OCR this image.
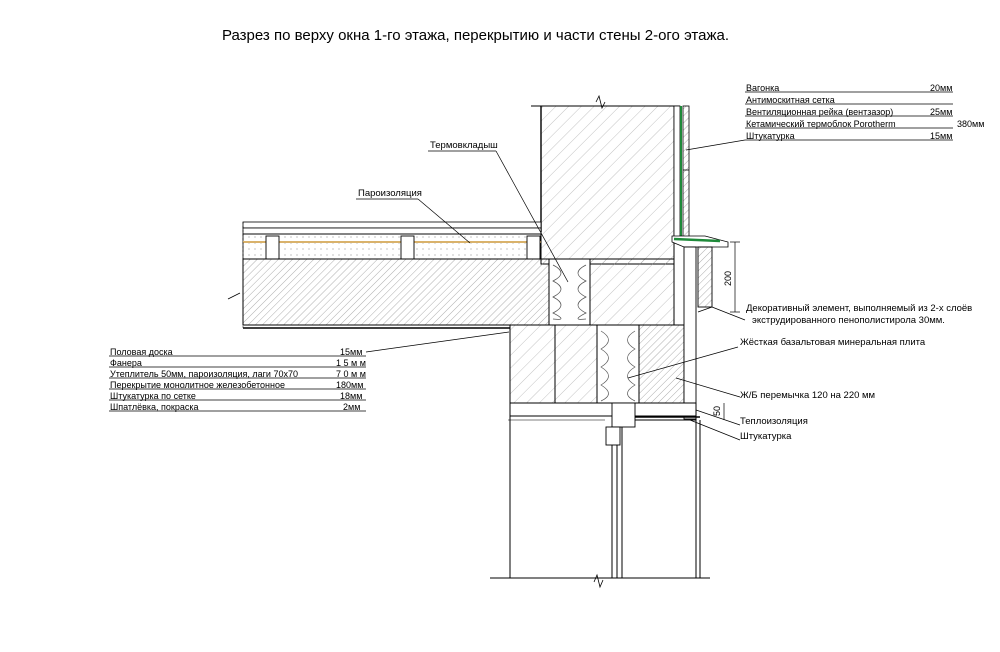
Разрез по верху окна 1-го этажа, перекрытию и части стены 2-ого этажа.
200
50
Термовкладыш
Пароизоляция
Декоративный элемент, выполняемый из 2-х слоёв
экструдированного пенополистирола 30мм.
Жёсткая базальтовая минеральная плита
Ж/Б перемычка 120 на 220 мм
Теплоизоляция
Штукатурка
Вагонка	20мм
Антимоскитная сетка
Вентиляционная рейка (вентзазор)	25мм
Кетамический термоблок Porotherm	380мм
Штукатурка	15мм
Половая доска	15мм
Фанера	1 5 м м
Утеплитель 50мм, пароизоляция, лаги 70х70	7 0 м м
Перекрытие монолитное железобетонное	180мм
Штукатурка по сетке	18мм
Шпатлёвка, покраска	2мм
